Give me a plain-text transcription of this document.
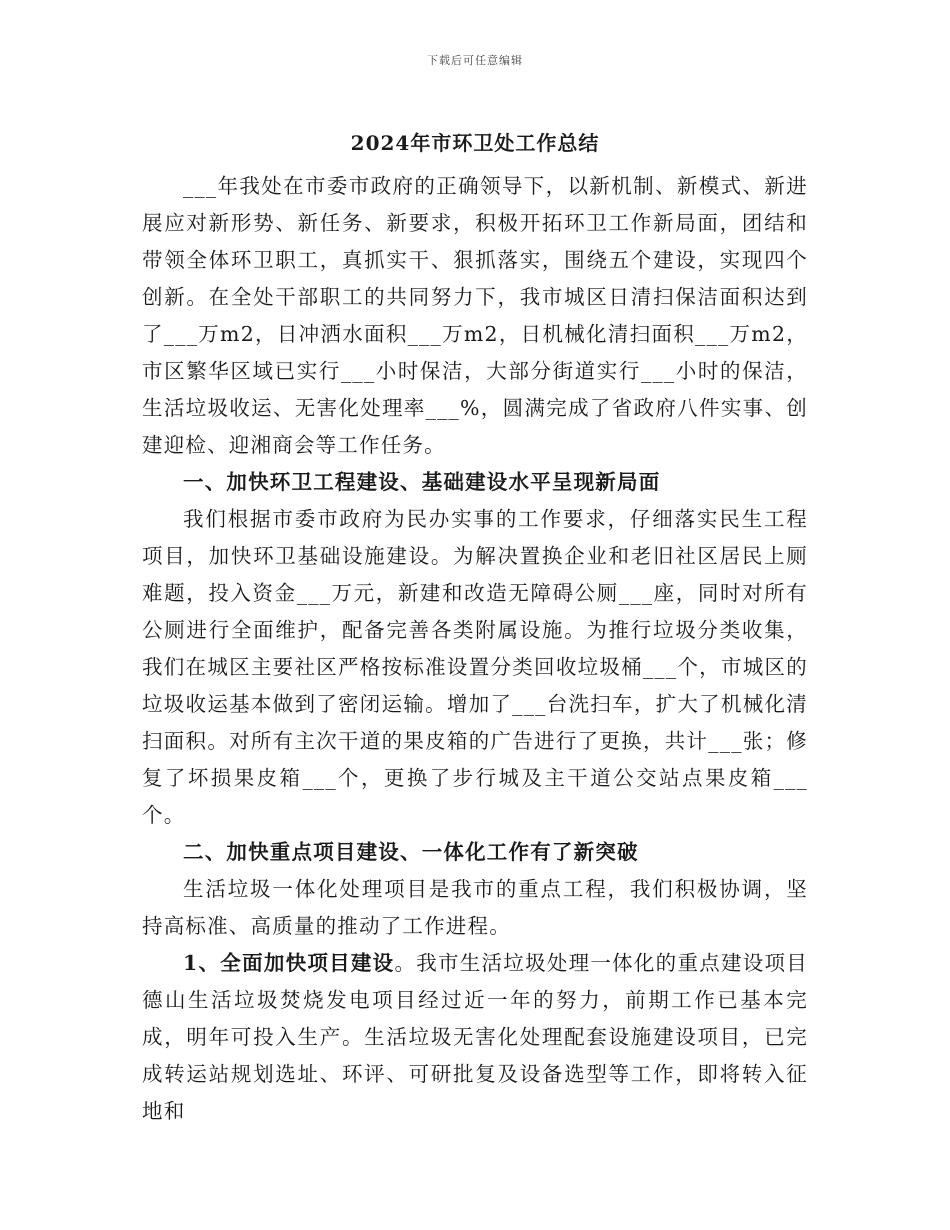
下载后可任意编辑
2024年市环卫处工作总结

___年我处在市委市政府的正确领导下，以新机制、新模式、新进展应对新形势、新任务、新要求，积极开拓环卫工作新局面，团结和带领全体环卫职工，真抓实干、狠抓落实，围绕五个建设，实现四个创新。在全处干部职工的共同努力下，我市城区日清扫保洁面积达到了___万m2，日冲洒水面积___万m2，日机械化清扫面积___万m2，市区繁华区域已实行___小时保洁，大部分街道实行___小时的保洁，生活垃圾收运、无害化处理率___%，圆满完成了省政府八件实事、创建迎检、迎湘商会等工作任务。

一、加快环卫工程建设、基础建设水平呈现新局面

我们根据市委市政府为民办实事的工作要求，仔细落实民生工程项目，加快环卫基础设施建设。为解决置换企业和老旧社区居民上厕难题，投入资金___万元，新建和改造无障碍公厕___座，同时对所有公厕进行全面维护，配备完善各类附属设施。为推行垃圾分类收集，我们在城区主要社区严格按标准设置分类回收垃圾桶___个，市城区的垃圾收运基本做到了密闭运输。增加了___台洗扫车，扩大了机械化清扫面积。对所有主次干道的果皮箱的广告进行了更换，共计___张；修复了坏损果皮箱___个，更换了步行城及主干道公交站点果皮箱___个。

二、加快重点项目建设、一体化工作有了新突破

生活垃圾一体化处理项目是我市的重点工程，我们积极协调，坚持高标准、高质量的推动了工作进程。

1、全面加快项目建设。我市生活垃圾处理一体化的重点建设项目德山生活垃圾焚烧发电项目经过近一年的努力，前期工作已基本完成，明年可投入生产。生活垃圾无害化处理配套设施建设项目，已完成转运站规划选址、环评、可研批复及设备选型等工作，即将转入征地和
